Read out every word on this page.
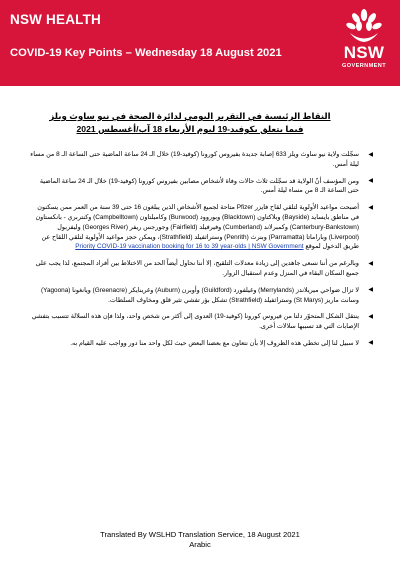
NSW HEALTH
COVID-19 Key Points – Wednesday 18 August 2021	NSW
GOVERNMENT
النقاط الرئيسية في التقرير اليومي لدائرة الصحة في نيو ساوث ويلز
فيما يتعلق بكوفيد-19 ليوم الأربعاء 18 آب/أغسطس 2021
◀
سجّلت ولاية نيو ساوث ويلز 633 إصابة جديدة بفيروس كورونا (كوفيد-19) خلال الـ 24 ساعة الماضية حتى الساعة الـ 8 من مساء ليلة أمس.
◀
ومن المؤسف أنّ الولاية قد سجّلت ثلاث حالات وفاة لأشخاص مصابين بفيروس كورونا (كوفيد-19) خلال الـ 24 ساعة الماضية حتى الساعة الـ 8 من مساء ليلة أمس.
◀
أصبحت مواعيد الأولوية لتلقي لقاح فايزر Pfizer متاحة لجميع الأشخاص الذين يبلغون 16 حتى 39 سنة من العمر ممن يسكنون في مناطق بايسايد (Bayside) وبلاكتاون (Blacktown) وبوروود (Burwood) وكامبلتاون (Campbelltown) وكنتربري - بانكستاون (Canterbury-Bankstown) وكمبرلاند (Cumberland) وفيرفيلد (Fairfield) وجورجس ريفر (Georges River) وليفربول (Liverpool) وباراماتا (Parramatta) وبنرث (Penrith) وستراثفيلد (Strathfield)، ويمكن حجز مواعيد الأولوية لتلقي اللقاح عن طريق الدخول لموقع Priority COVID-19 vaccination booking for 16 to 39 year-olds | NSW Government
◀
وبالرغم من أننا نسعى جاهدين إلى زيادة معدلات التلقيح، إلا أننا نحاول أيضاً الحد من الاختلاط بين أفراد المجتمع، لذا يجب على جميع السكان البقاء في المنزل وعدم استقبال الزوار.
◀
لا تزال ضواحي ميريلاندز (Merrylands) وغيلفورد (Guildford) وأوبرن (Auburn) وغرينايكر (Greenacre) ويانغونا (Yagoona) وسانت ماريز (St Marys) وستراثفيلد (Strathfield) تشكل بؤر تفشي تثير قلق ومخاوف السلطات.
◀
ينتقل الشكل المتحوّر دلتا من فيروس كورونا (كوفيد-19) العدوى إلى أكثر من شخص واحد، ولذا فإن هذه السلالة تتسبب بتفشي الإصابات التي قد تسببها سلالات أخرى.
◀
لا سبيل لنا إلى تخطي هذه الظروف إلا بأن نتعاون مع بعضنا البعض حيث لكل واحد منا دور وواجب عليه القيام به.
Translated By WSLHD Translation Service, 18 August 2021
Arabic
